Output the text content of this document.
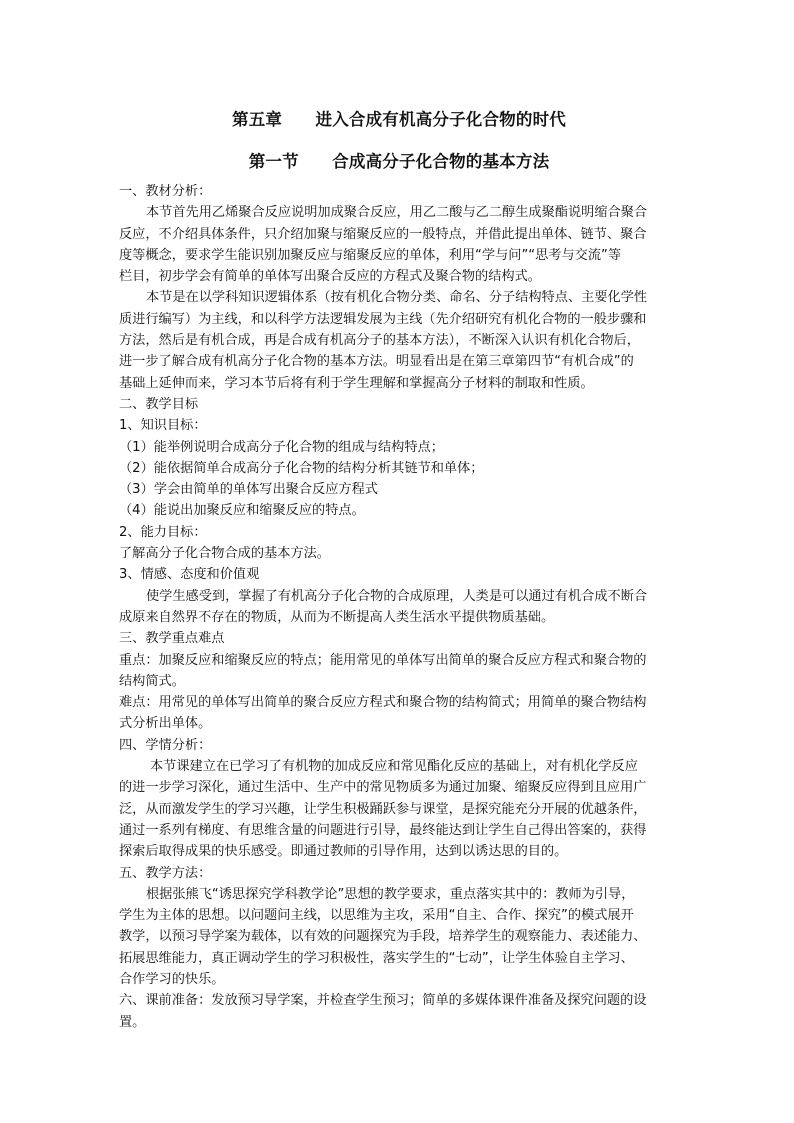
第五章　　进入合成有机高分子化合物的时代
第一节　　合成高分子化合物的基本方法
一、教材分析：
本节首先用乙烯聚合反应说明加成聚合反应，用乙二酸与乙二醇生成聚酯说明缩合聚合
反应，不介绍具体条件，只介绍加聚与缩聚反应的一般特点，并借此提出单体、链节、聚合
度等概念，要求学生能识别加聚反应与缩聚反应的单体，利用“学与问”“思考与交流”等
栏目，初步学会有简单的单体写出聚合反应的方程式及聚合物的结构式。
本节是在以学科知识逻辑体系（按有机化合物分类、命名、分子结构特点、主要化学性
质进行编写）为主线，和以科学方法逻辑发展为主线（先介绍研究有机化合物的一般步骤和
方法，然后是有机合成，再是合成有机高分子的基本方法），不断深入认识有机化合物后，
进一步了解合成有机高分子化合物的基本方法。明显看出是在第三章第四节“有机合成”的
基础上延伸而来，学习本节后将有利于学生理解和掌握高分子材料的制取和性质。
二、教学目标
1、知识目标：
（1）能举例说明合成高分子化合物的组成与结构特点；
（2）能依据简单合成高分子化合物的结构分析其链节和单体；
（3）学会由简单的单体写出聚合反应方程式
（4）能说出加聚反应和缩聚反应的特点。
2、能力目标：
了解高分子化合物合成的基本方法。
3、情感、态度和价值观
使学生感受到，掌握了有机高分子化合物的合成原理，人类是可以通过有机合成不断合
成原来自然界不存在的物质，从而为不断提高人类生活水平提供物质基础。
三、教学重点难点
重点：加聚反应和缩聚反应的特点；能用常见的单体写出简单的聚合反应方程式和聚合物的
结构简式。
难点：用常见的单体写出简单的聚合反应方程式和聚合物的结构简式；用简单的聚合物结构
式分析出单体。
四、学情分析：
本节课建立在已学习了有机物的加成反应和常见酯化反应的基础上，对有机化学反应
的进一步学习深化，通过生活中、生产中的常见物质多为通过加聚、缩聚反应得到且应用广
泛，从而激发学生的学习兴趣，让学生积极踊跃参与课堂，是探究能充分开展的优越条件，
通过一系列有梯度、有思维含量的问题进行引导，最终能达到让学生自己得出答案的，获得
探索后取得成果的快乐感受。即通过教师的引导作用，达到以诱达思的目的。
五、教学方法：
根据张熊飞“诱思探究学科教学论”思想的教学要求，重点落实其中的：教师为引导，
学生为主体的思想。以问题问主线，以思维为主攻，采用“自主、合作、探究”的模式展开
教学，以预习导学案为载体，以有效的问题探究为手段，培养学生的观察能力、表述能力、
拓展思维能力，真正调动学生的学习积极性，落实学生的“七动”，让学生体验自主学习、
合作学习的快乐。
六、课前准备：发放预习导学案，并检查学生预习；简单的多媒体课件准备及探究问题的设
置。
